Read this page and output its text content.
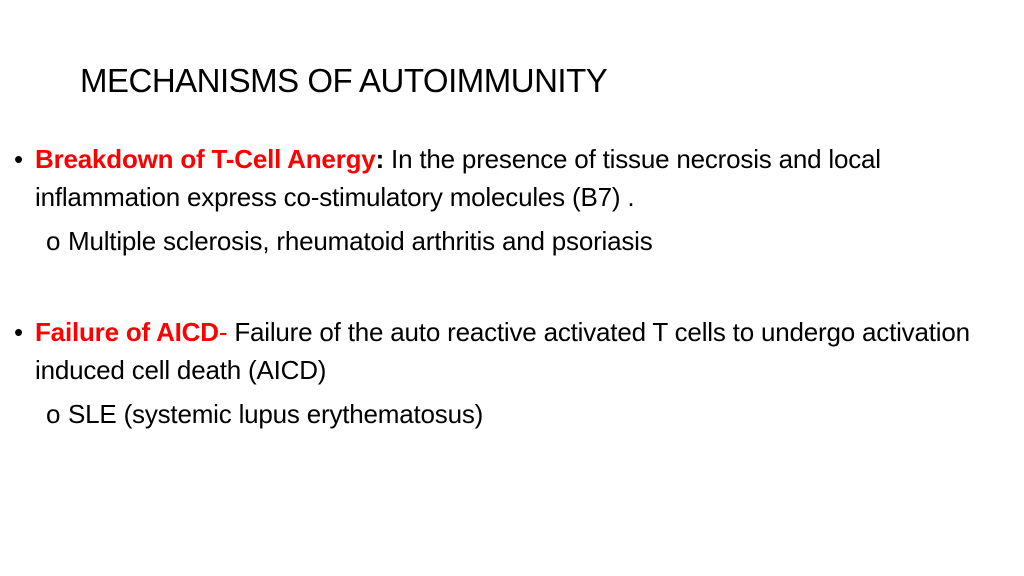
MECHANISMS OF AUTOIMMUNITY
• Breakdown of T-Cell Anergy: In the presence of tissue necrosis and local inflammation express co-stimulatory molecules (B7) .
o Multiple sclerosis, rheumatoid arthritis and psoriasis
• Failure of AICD- Failure of the auto reactive activated T cells to undergo activation induced cell death (AICD)
o SLE (systemic lupus erythematosus)
